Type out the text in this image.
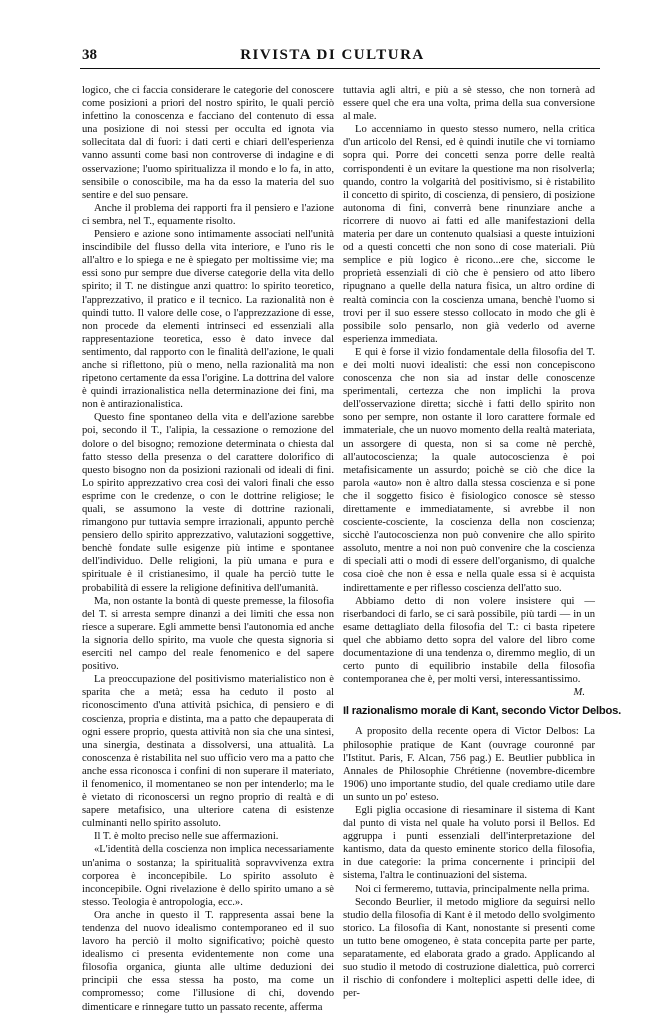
38	RIVISTA DI CULTURA

logico, che ci faccia considerare le categorie del conoscere come posizioni a priori del nostro spirito, le quali perciò infettino la conoscenza e facciano del contenuto di essa una posizione di noi stessi per occulta ed ignota via sollecitata dal di fuori: i dati certi e chiari dell'esperienza vanno assunti come basi non controverse di indagine e di osservazione; l'uomo spiritualizza il mondo e lo fa, in atto, sensibile o conoscibile, ma ha da esso la materia del suo sentire e del suo pensare.

Anche il problema dei rapporti fra il pensiero e l'azione ci sembra, nel T., equamente risolto.

Pensiero e azione sono intimamente associati nell'unità inscindibile del flusso della vita interiore, e l'uno ris le all'altro e lo spiega e ne è spiegato per moltissime vie; ma essi sono pur sempre due diverse categorie della vita dello spirito; il T. ne distingue anzi quattro: lo spirito teoretico, l'apprezzativo, il pratico e il tecnico. La razionalità non è quindi tutto. Il valore delle cose, o l'apprezzazione di esse, non procede da elementi intrinseci ed essenziali alla rappresentazione teoretica, esso è dato invece dal sentimento, dal rapporto con le finalità dell'azione, le quali anche si riflettono, più o meno, nella razionalità ma non ripetono certamente da essa l'origine. La dottrina del valore è quindi irrazionalistica nella determinazione dei fini, ma non è antirazionalistica.

Questo fine spontaneo della vita e dell'azione sarebbe poi, secondo il T., l'alipia, la cessazione o remozione del dolore o del bisogno; remozione determinata o chiesta dal fatto stesso della presenza o del carattere dolorifico di questo bisogno non da posizioni razionali od ideali di fini. Lo spirito apprezzativo crea così dei valori finali che esso esprime con le credenze, o con le dottrine religiose; le quali, se assumono la veste di dottrine razionali, rimangono pur tuttavia sempre irrazionali, appunto perchè pensiero dello spirito apprezzativo, valutazioni soggettive, benchè fondate sulle esigenze più intime e spontanee dell'individuo. Delle religioni, la più umana e pura e spirituale è il cristianesimo, il quale ha perciò tutte le probabilità di essere la religione definitiva dell'umanità.

Ma, non ostante la bontà di queste premesse, la filosofia del T. si arresta sempre dinanzi a dei limiti che essa non riesce a superare. Egli ammette bensì l'autonomia ed anche la signoria dello spirito, ma vuole che questa signoria si eserciti nel campo del reale fenomenico e del sapere positivo.

La preoccupazione del positivismo materialistico non è sparita che a metà; essa ha ceduto il posto al riconoscimento d'una attività psichica, di pensiero e di coscienza, propria e distinta, ma a patto che depauperata di ogni essere proprio, questa attività non sia che una sintesi, una sinergia, destinata a dissolversi, una attualità. La conoscenza è ristabilita nel suo ufficio vero ma a patto che anche essa riconosca i confini di non superare il materiato, il fenomenico, il momentaneo se non per intenderlo; ma le è vietato di riconoscersi un regno proprio di realtà e di sapere metafisico, una ulteriore catena di esistenze culminanti nello spirito assoluto.

Il T. è molto preciso nelle sue affermazioni.

«L'identità della coscienza non implica necessariamente un'anima o sostanza; la spiritualità sopravvivenza extra corporea è inconcepibile. Lo spirito assoluto è inconcepibile. Ogni rivelazione è dello spirito umano a sè stesso. Teologia è antropologia, ecc.».

Ora anche in questo il T. rappresenta assai bene la tendenza del nuovo idealismo contemporaneo ed il suo lavoro ha perciò il molto significativo; poichè questo idealismo ci presenta evidentemente non come una filosofia organica, giunta alle ultime deduzioni dei principii che essa stessa ha posto, ma come un compromesso; come l'illusione di chi, dovendo dimenticare e rinnegare tutto un passato recente, afferma

tuttavia agli altri, e più a sè stesso, che non tornerà ad essere quel che era una volta, prima della sua conversione al male.

Lo accenniamo in questo stesso numero, nella critica d'un articolo del Rensi, ed è quindi inutile che vi torniamo sopra qui. Porre dei concetti senza porre delle realtà corrispondenti è un evitare la questione ma non risolverla; quando, contro la volgarità del positivismo, si è ristabilito il concetto di spirito, di coscienza, di pensiero, di posizione autonoma di fini, converrà bene rinunziare anche a ricorrere di nuovo ai fatti ed alle manifestazioni della materia per dare un contenuto qualsiasi a queste intuizioni od a questi concetti che non sono di cose materiali. Più semplice e più logico è ricono...ere che, siccome le proprietà essenziali di ciò che è pensiero od atto libero ripugnano a quelle della natura fisica, un altro ordine di realtà comincia con la coscienza umana, benchè l'uomo si trovi per il suo essere stesso collocato in modo che gli è possibile solo pensarlo, non già vederlo od averne esperienza immediata.

E qui è forse il vizio fondamentale della filosofia del T. e dei molti nuovi idealisti: che essi non concepiscono conoscenza che non sia ad instar delle conoscenze sperimentali, certezza che non implichi la prova dell'osservazione diretta; sicchè i fatti dello spirito non sono per sempre, non ostante il loro carattere formale ed immateriale, che un nuovo momento della realtà materiata, un assorgere di questa, non si sa come nè perchè, all'autocoscienza; la quale autocoscienza è poi metafisicamente un assurdo; poichè se ciò che dice la parola «auto» non è altro dalla stessa coscienza e si pone che il soggetto fisico è fisiologico conosce sè stesso direttamente e immediatamente, si avrebbe il non cosciente-cosciente, la coscienza della non coscienza; sicchè l'autocoscienza non può convenire che allo spirito assoluto, mentre a noi non può convenire che la coscienza di speciali atti o modi di essere dell'organismo, di qualche cosa cioè che non è essa e nella quale essa si è acquista indirettamente e per riflesso coscienza dell'atto suo.

Abbiamo detto di non volere insistere qui — riserbandoci di farlo, se ci sarà possibile, più tardi — in un esame dettagliato della filosofia del T.: ci basta ripetere quel che abbiamo detto sopra del valore del libro come documentazione di una tendenza o, diremmo meglio, di un certo punto di equilibrio instabile della filosofia contemporanea che è, per molti versi, interessantissimo.

M.

Il razionalismo morale di Kant, secondo Victor Delbos.

A proposito della recente opera di Victor Delbos: La philosophie pratique de Kant (ouvrage couronné par l'Istitut. Paris, F. Alcan, 756 pag.) E. Beutlier pubblica in Annales de Philosophie Chrétienne (novembre-dicembre 1906) uno importante studio, del quale crediamo utile dare un sunto un po' esteso.

Egli piglia occasione di riesaminare il sistema di Kant dal punto di vista nel quale ha voluto porsi il Bellos. Ed aggruppa i punti essenziali dell'interpretazione del kantismo, data da questo eminente storico della filosofia, in due categorie: la prima concernente i principii del sistema, l'altra le continuazioni del sistema.

Noi ci fermeremo, tuttavia, principalmente nella prima.

Secondo Beurlier, il metodo migliore da seguirsi nello studio della filosofia di Kant è il metodo dello svolgimento storico. La filosofia di Kant, nonostante si presenti come un tutto bene omogeneo, è stata concepita parte per parte, separatamente, ed elaborata grado a grado. Applicando al suo studio il metodo di costruzione dialettica, può correrci il rischio di confondere i molteplici aspetti delle idee, di per-
